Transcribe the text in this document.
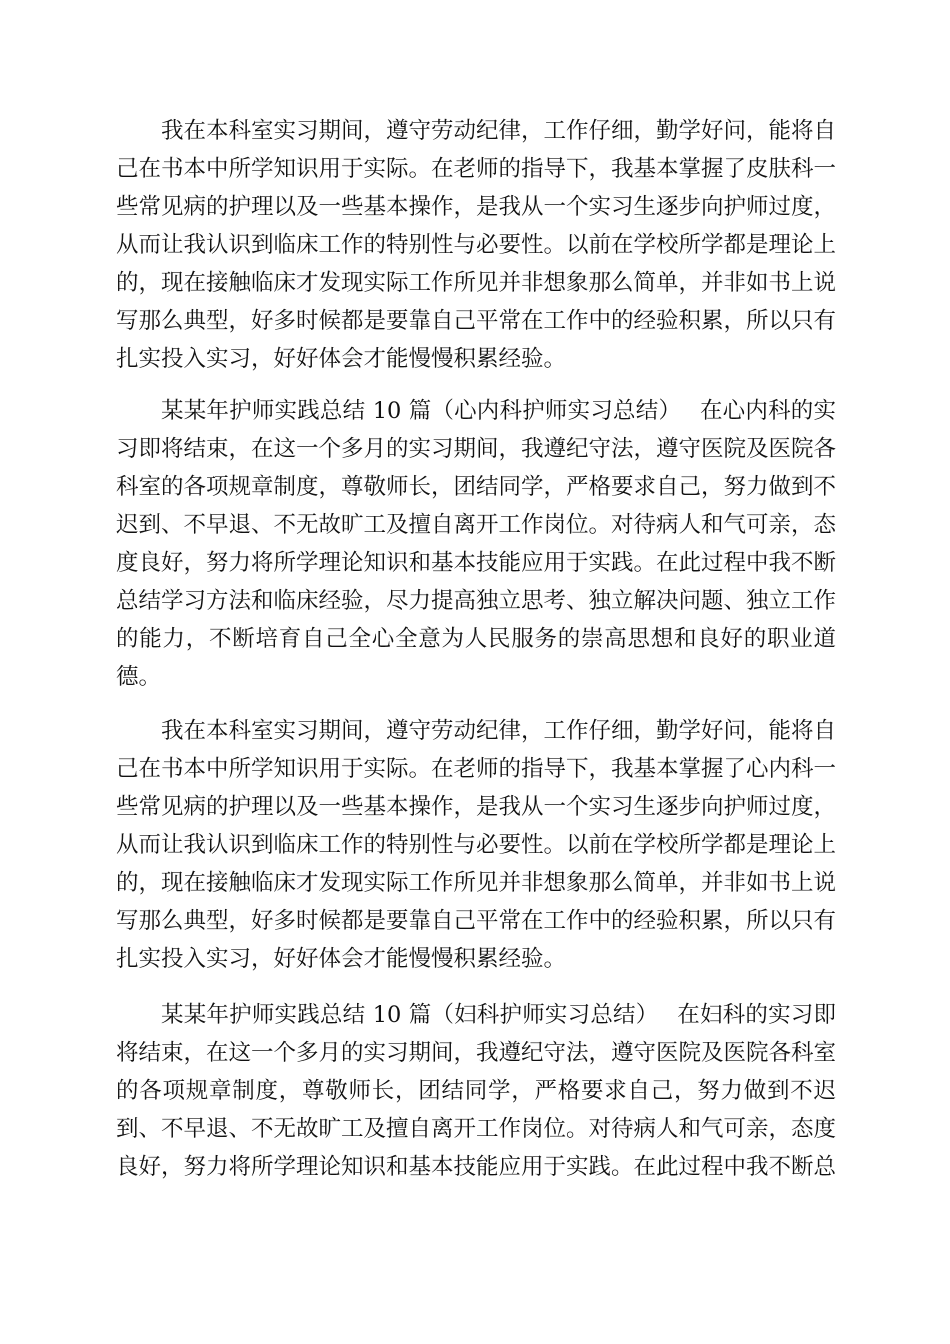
我在本科室实习期间，遵守劳动纪律，工作仔细，勤学好问，能将自
己在书本中所学知识用于实际。在老师的指导下，我基本掌握了皮肤科一
些常见病的护理以及一些基本操作，是我从一个实习生逐步向护师过度，
从而让我认识到临床工作的特别性与必要性。以前在学校所学都是理论上
的，现在接触临床才发现实际工作所见并非想象那么简单，并非如书上说
写那么典型，好多时候都是要靠自己平常在工作中的经验积累，所以只有
扎实投入实习，好好体会才能慢慢积累经验。
某某年护师实践总结 10 篇（心内科护师实习总结）　 在心内科的实
习即将结束，在这一个多月的实习期间，我遵纪守法，遵守医院及医院各
科室的各项规章制度，尊敬师长，团结同学，严格要求自己，努力做到不
迟到、不早退、不无故旷工及擅自离开工作岗位。对待病人和气可亲，态
度良好，努力将所学理论知识和基本技能应用于实践。在此过程中我不断
总结学习方法和临床经验，尽力提高独立思考、独立解决问题、独立工作
的能力，不断培育自己全心全意为人民服务的崇高思想和良好的职业道
德。
我在本科室实习期间，遵守劳动纪律，工作仔细，勤学好问，能将自
己在书本中所学知识用于实际。在老师的指导下，我基本掌握了心内科一
些常见病的护理以及一些基本操作，是我从一个实习生逐步向护师过度，
从而让我认识到临床工作的特别性与必要性。以前在学校所学都是理论上
的，现在接触临床才发现实际工作所见并非想象那么简单，并非如书上说
写那么典型，好多时候都是要靠自己平常在工作中的经验积累，所以只有
扎实投入实习，好好体会才能慢慢积累经验。
某某年护师实践总结 10 篇（妇科护师实习总结）　 在妇科的实习即
将结束，在这一个多月的实习期间，我遵纪守法，遵守医院及医院各科室
的各项规章制度，尊敬师长，团结同学，严格要求自己，努力做到不迟
到、不早退、不无故旷工及擅自离开工作岗位。对待病人和气可亲，态度
良好，努力将所学理论知识和基本技能应用于实践。在此过程中我不断总
